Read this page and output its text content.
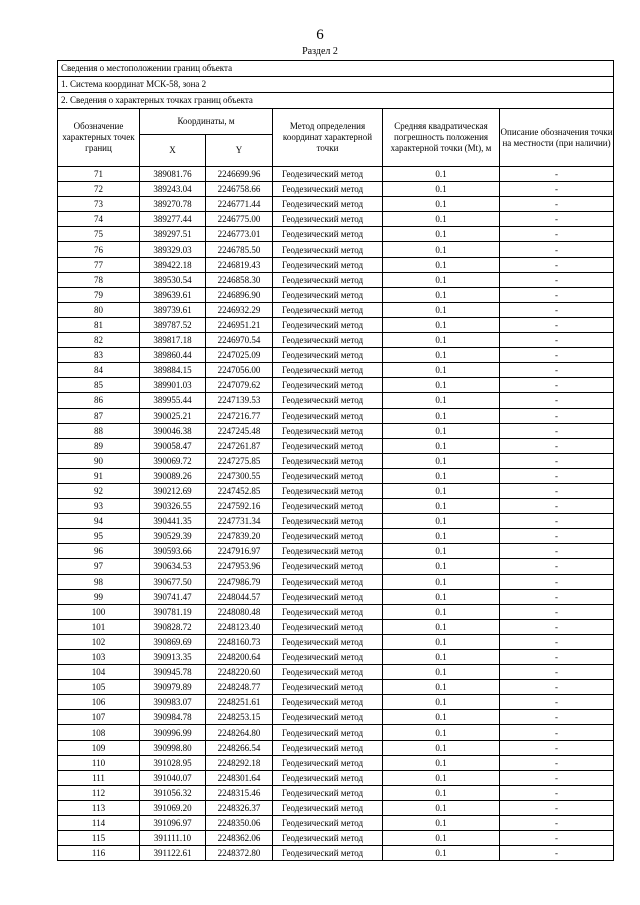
6
Раздел 2
Сведения о местоположении границ объекта					
1. Система координат МСК-58, зона 2					
2. Сведения о характерных точках границ объекта					
Обозначение характерных точек границ	Координаты, м		Метод определения координат характерной точки	Средняя квадратическая погрешность положения характерной точки (Mt), м	Описание обозначения точки на местности (при наличии)
	X	Y			
71	389081.76	2246699.96	Геодезический метод	0.1	-
72	389243.04	2246758.66	Геодезический метод	0.1	-
73	389270.78	2246771.44	Геодезический метод	0.1	-
74	389277.44	2246775.00	Геодезический метод	0.1	-
75	389297.51	2246773.01	Геодезический метод	0.1	-
76	389329.03	2246785.50	Геодезический метод	0.1	-
77	389422.18	2246819.43	Геодезический метод	0.1	-
78	389530.54	2246858.30	Геодезический метод	0.1	-
79	389639.61	2246896.90	Геодезический метод	0.1	-
80	389739.61	2246932.29	Геодезический метод	0.1	-
81	389787.52	2246951.21	Геодезический метод	0.1	-
82	389817.18	2246970.54	Геодезический метод	0.1	-
83	389860.44	2247025.09	Геодезический метод	0.1	-
84	389884.15	2247056.00	Геодезический метод	0.1	-
85	389901.03	2247079.62	Геодезический метод	0.1	-
86	389955.44	2247139.53	Геодезический метод	0.1	-
87	390025.21	2247216.77	Геодезический метод	0.1	-
88	390046.38	2247245.48	Геодезический метод	0.1	-
89	390058.47	2247261.87	Геодезический метод	0.1	-
90	390069.72	2247275.85	Геодезический метод	0.1	-
91	390089.26	2247300.55	Геодезический метод	0.1	-
92	390212.69	2247452.85	Геодезический метод	0.1	-
93	390326.55	2247592.16	Геодезический метод	0.1	-
94	390441.35	2247731.34	Геодезический метод	0.1	-
95	390529.39	2247839.20	Геодезический метод	0.1	-
96	390593.66	2247916.97	Геодезический метод	0.1	-
97	390634.53	2247953.96	Геодезический метод	0.1	-
98	390677.50	2247986.79	Геодезический метод	0.1	-
99	390741.47	2248044.57	Геодезический метод	0.1	-
100	390781.19	2248080.48	Геодезический метод	0.1	-
101	390828.72	2248123.40	Геодезический метод	0.1	-
102	390869.69	2248160.73	Геодезический метод	0.1	-
103	390913.35	2248200.64	Геодезический метод	0.1	-
104	390945.78	2248220.60	Геодезический метод	0.1	-
105	390979.89	2248248.77	Геодезический метод	0.1	-
106	390983.07	2248251.61	Геодезический метод	0.1	-
107	390984.78	2248253.15	Геодезический метод	0.1	-
108	390996.99	2248264.80	Геодезический метод	0.1	-
109	390998.80	2248266.54	Геодезический метод	0.1	-
110	391028.95	2248292.18	Геодезический метод	0.1	-
111	391040.07	2248301.64	Геодезический метод	0.1	-
112	391056.32	2248315.46	Геодезический метод	0.1	-
113	391069.20	2248326.37	Геодезический метод	0.1	-
114	391096.97	2248350.06	Геодезический метод	0.1	-
115	391111.10	2248362.06	Геодезический метод	0.1	-
116	391122.61	2248372.80	Геодезический метод	0.1	-
